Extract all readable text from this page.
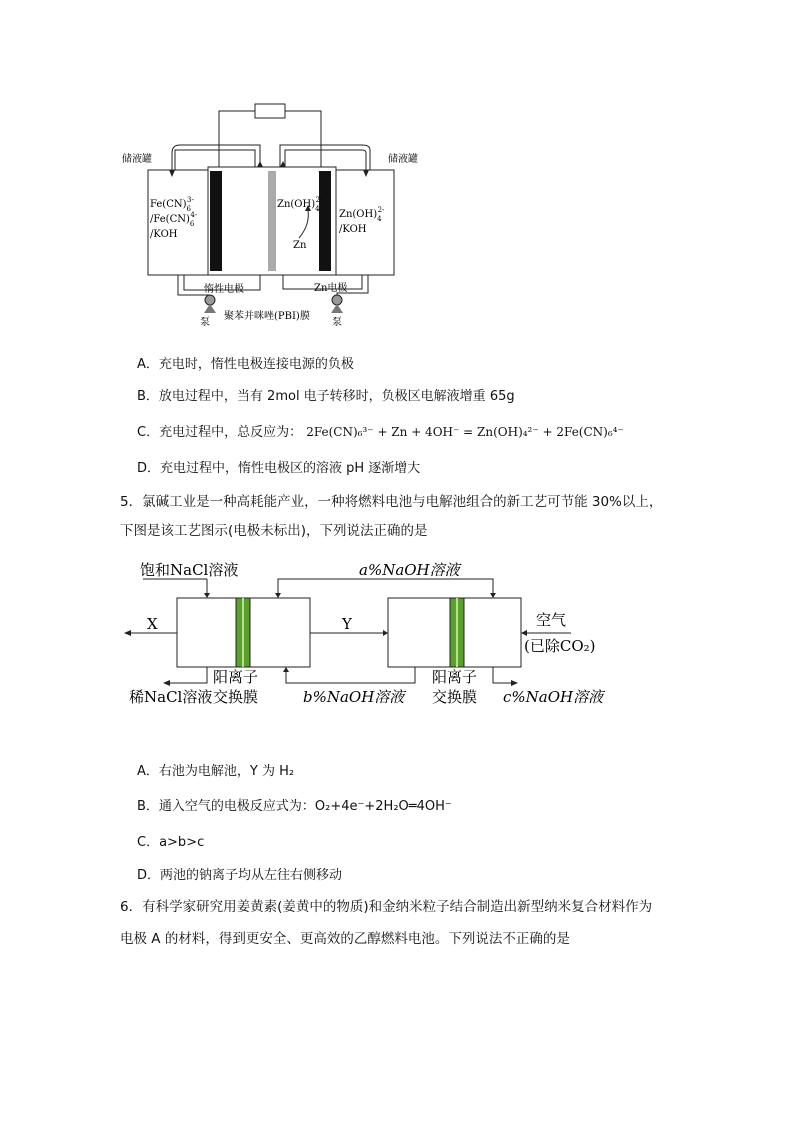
储液罐	储液罐
$Fe(CN)_63-$
$/Fe(CN)_64-$
/KOH
$Zn(OH)_42-$
/KOH
$Zn(OH)_42-$
Zn
惰性电极	Zn电极
泵	泵
聚苯并咪唑(PBI)膜
A．充电时，惰性电极连接电源的负极
B．放电过程中，当有 2mol 电子转移时，负极区电解液增重 65g
C．充电过程中，总反应为： 2Fe(CN)₆³⁻ + Zn + 4OH⁻ = Zn(OH)₄²⁻ + 2Fe(CN)₆⁴⁻
D．充电过程中，惰性电极区的溶液 pH 逐渐增大
5．氯碱工业是一种高耗能产业，一种将燃料电池与电解池组合的新工艺可节能 30%以上，
下图是该工艺图示(电极未标出)，下列说法正确的是
饱和NaCl溶液	a%NaOH溶液
X	Y	空气
(已除CO₂)
阳离子
交换膜
稀NaCl溶液	b%NaOH溶液
阳离子
交换膜 c%NaOH溶液
A．右池为电解池，Y 为 H₂
B．通入空气的电极反应式为：O₂+4e⁻+2H₂O═4OH⁻
C．a>b>c
D．两池的钠离子均从左往右侧移动
6．有科学家研究用姜黄素(姜黄中的物质)和金纳米粒子结合制造出新型纳米复合材料作为
电极 A 的材料，得到更安全、更高效的乙醇燃料电池。下列说法不正确的是
